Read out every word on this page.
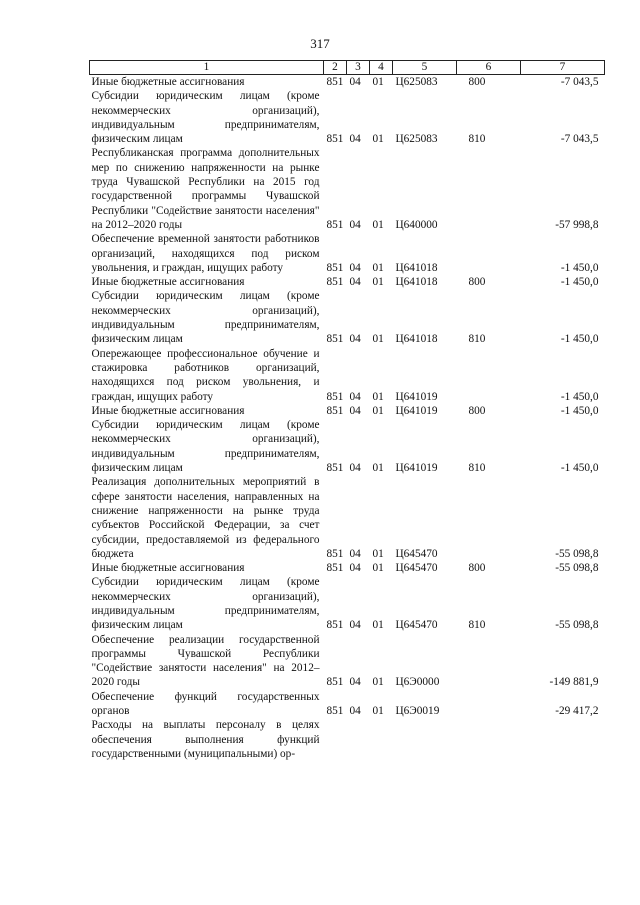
317
1	2	3	4	5	6	7
Иные бюджетные ассигнования	851	04	01	Ц625083	800	-7 043,5
Субсидии юридическим лицам (кроме некоммерческих организаций), индивидуальным предпринимателям, физическим лицам	851	04	01	Ц625083	810	-7 043,5
Республиканская программа дополнительных мер по снижению напряженности на рынке труда Чувашской Республики на 2015 год государственной программы Чувашской Республики "Содействие занятости населения" на 2012–2020 годы	851	04	01	Ц640000		-57 998,8
Обеспечение временной занятости работников организаций, находящихся под риском увольнения, и граждан, ищущих работу	851	04	01	Ц641018		-1 450,0
Иные бюджетные ассигнования	851	04	01	Ц641018	800	-1 450,0
Субсидии юридическим лицам (кроме некоммерческих организаций), индивидуальным предпринимателям, физическим лицам	851	04	01	Ц641018	810	-1 450,0
Опережающее профессиональное обучение и стажировка работников организаций, находящихся под риском увольнения, и граждан, ищущих работу	851	04	01	Ц641019		-1 450,0
Иные бюджетные ассигнования	851	04	01	Ц641019	800	-1 450,0
Субсидии юридическим лицам (кроме некоммерческих организаций), индивидуальным предпринимателям, физическим лицам	851	04	01	Ц641019	810	-1 450,0
Реализация дополнительных мероприятий в сфере занятости населения, направленных на снижение напряженности на рынке труда субъектов Российской Федерации, за счет субсидии, предоставляемой из федерального бюджета	851	04	01	Ц645470		-55 098,8
Иные бюджетные ассигнования	851	04	01	Ц645470	800	-55 098,8
Субсидии юридическим лицам (кроме некоммерческих организаций), индивидуальным предпринимателям, физическим лицам	851	04	01	Ц645470	810	-55 098,8
Обеспечение реализации государственной программы Чувашской Республики "Содействие занятости населения" на 2012–2020 годы	851	04	01	Ц6Э0000		-149 881,9
Обеспечение функций государственных органов	851	04	01	Ц6Э0019		-29 417,2
Расходы на выплаты персоналу в целях обеспечения выполнения функций государственными (муниципальными) ор-						
